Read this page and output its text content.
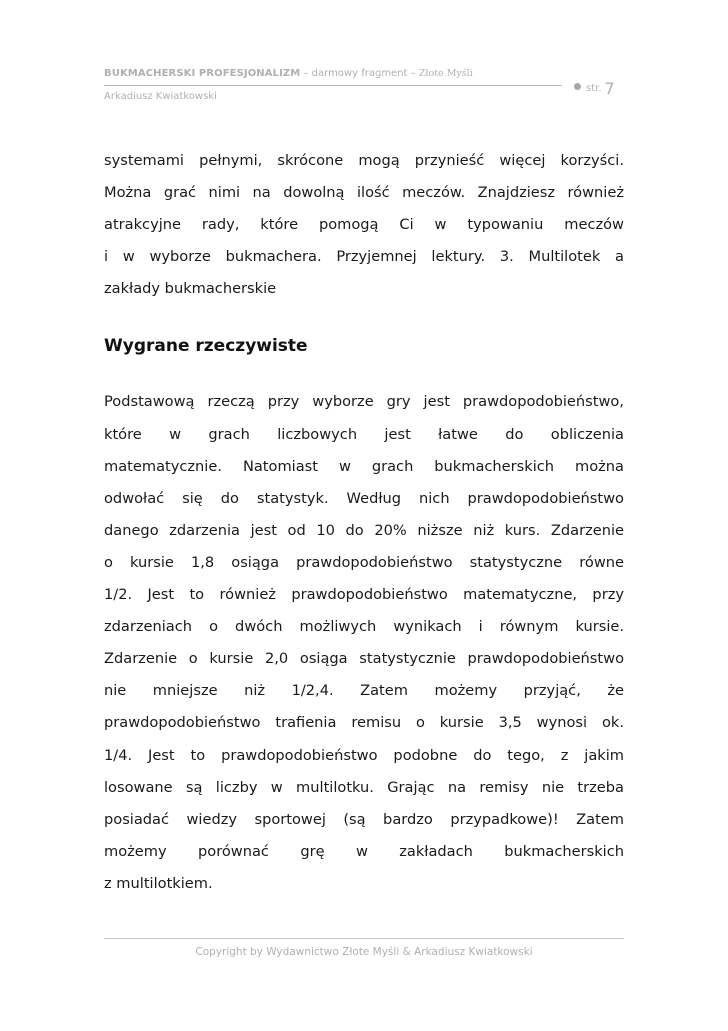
BUKMACHERSKI PROFESJONALIZM – darmowy fragment – Złote Myśli
Arkadiusz Kwiatkowski
str. 7

systemami pełnymi, skrócone mogą przynieść więcej korzyści.

Można grać nimi na dowolną ilość meczów. Znajdziesz również

atrakcyjne rady, które pomogą Ci w typowaniu meczów

i w wyborze bukmachera. Przyjemnej lektury. 3. Multilotek a

zakłady bukmacherskie

Wygrane rzeczywiste

Podstawową rzeczą przy wyborze gry jest prawdopodobieństwo,

które w grach liczbowych jest łatwe do obliczenia

matematycznie. Natomiast w grach bukmacherskich można

odwołać się do statystyk. Według nich prawdopodobieństwo

danego zdarzenia jest od 10 do 20% niższe niż kurs. Zdarzenie

o kursie 1,8 osiąga prawdopodobieństwo statystyczne równe

1/2. Jest to również prawdopodobieństwo matematyczne, przy

zdarzeniach o dwóch możliwych wynikach i równym kursie.

Zdarzenie o kursie 2,0 osiąga statystycznie prawdopodobieństwo

nie mniejsze niż 1/2,4. Zatem możemy przyjąć, że

prawdopodobieństwo trafienia remisu o kursie 3,5 wynosi ok.

1/4. Jest to prawdopodobieństwo podobne do tego, z jakim

losowane są liczby w multilotku. Grając na remisy nie trzeba

posiadać wiedzy sportowej (są bardzo przypadkowe)! Zatem

możemy porównać grę w zakładach bukmacherskich

z multilotkiem.

Copyright by Wydawnictwo Złote Myśli & Arkadiusz Kwiatkowski
